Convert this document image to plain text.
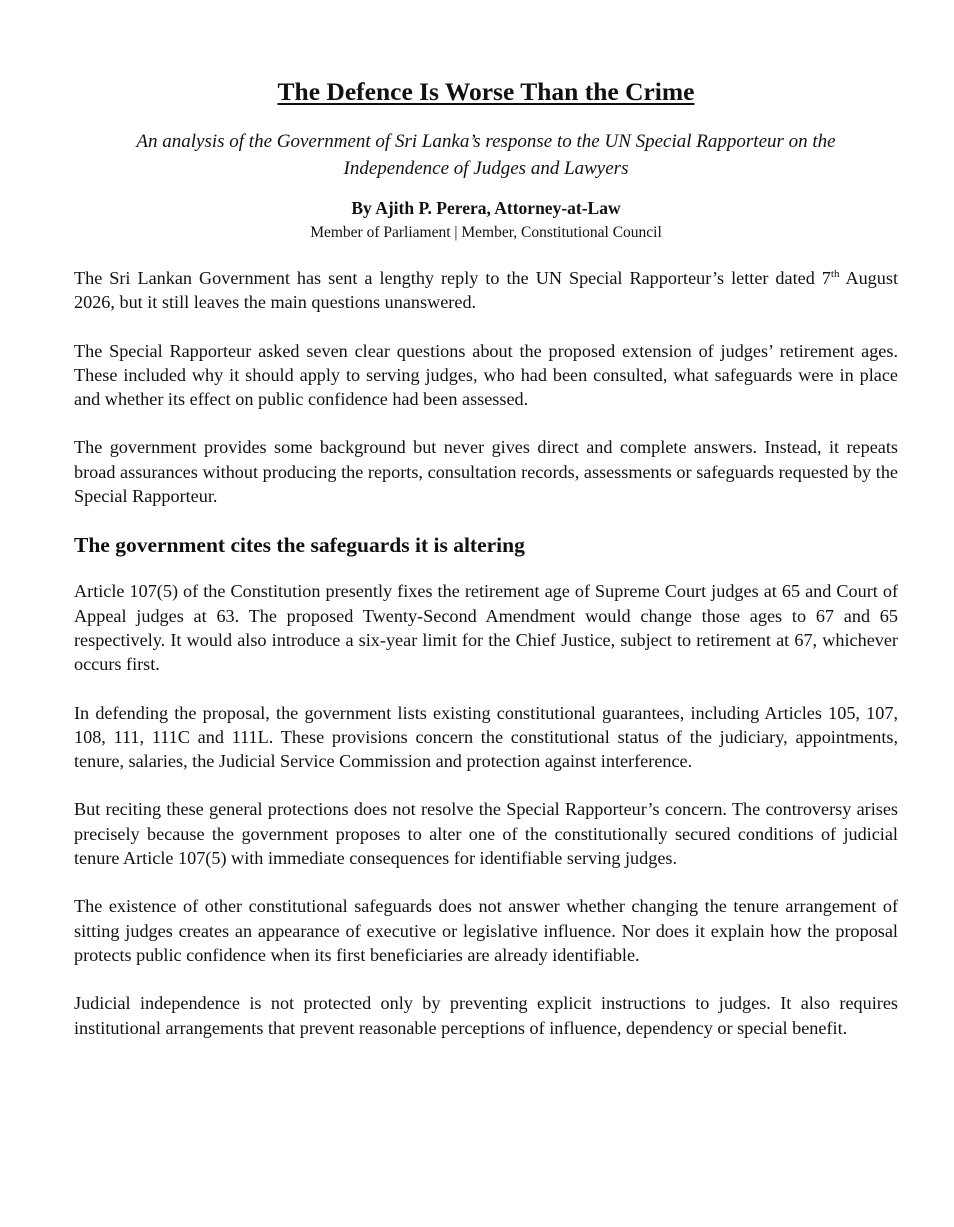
The Defence Is Worse Than the Crime
An analysis of the Government of Sri Lanka’s response to the UN Special Rapporteur on the
Independence of Judges and Lawyers

By Ajith P. Perera, Attorney-at-Law

Member of Parliament | Member, Constitutional Council

The Sri Lankan Government has sent a lengthy reply to the UN Special Rapporteur’s letter dated 7th August 2026, but it still leaves the main questions unanswered.

The Special Rapporteur asked seven clear questions about the proposed extension of judges’ retirement ages. These included why it should apply to serving judges, who had been consulted, what safeguards were in place and whether its effect on public confidence had been assessed.

The government provides some background but never gives direct and complete answers. Instead, it repeats broad assurances without producing the reports, consultation records, assessments or safeguards requested by the Special Rapporteur.

The government cites the safeguards it is altering

Article 107(5) of the Constitution presently fixes the retirement age of Supreme Court judges at 65 and Court of Appeal judges at 63. The proposed Twenty-Second Amendment would change those ages to 67 and 65 respectively. It would also introduce a six-year limit for the Chief Justice, subject to retirement at 67, whichever occurs first.

In defending the proposal, the government lists existing constitutional guarantees, including Articles 105, 107, 108, 111, 111C and 111L. These provisions concern the constitutional status of the judiciary, appointments, tenure, salaries, the Judicial Service Commission and protection against interference.

But reciting these general protections does not resolve the Special Rapporteur’s concern. The controversy arises precisely because the government proposes to alter one of the constitutionally secured conditions of judicial tenure Article 107(5) with immediate consequences for identifiable serving judges.

The existence of other constitutional safeguards does not answer whether changing the tenure arrangement of sitting judges creates an appearance of executive or legislative influence. Nor does it explain how the proposal protects public confidence when its first beneficiaries are already identifiable.

Judicial independence is not protected only by preventing explicit instructions to judges. It also requires institutional arrangements that prevent reasonable perceptions of influence, dependency or special benefit.
